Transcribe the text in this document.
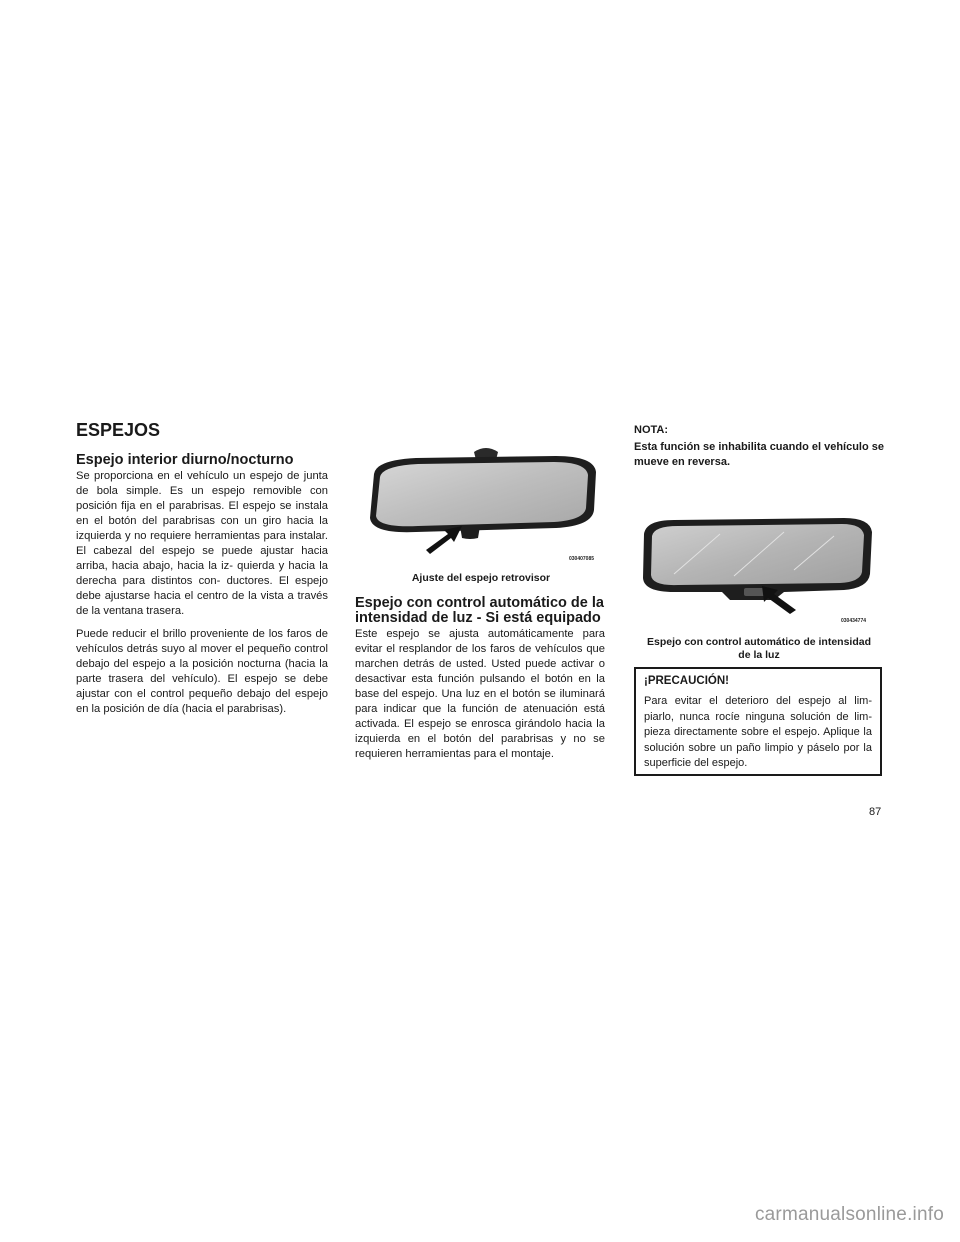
ESPEJOS
Espejo interior diurno/nocturno

Se proporciona en el vehículo un espejo de junta de bola simple. Es un espejo removible con posición fija en el parabrisas. El espejo se instala en el botón del parabrisas con un giro hacia la izquierda y no requiere herramientas para instalar. El cabezal del espejo se puede ajustar hacia arriba, hacia abajo, hacia la iz- quierda y hacia la derecha para distintos con- ductores. El espejo debe ajustarse hacia el centro de la vista a través de la ventana trasera.

Puede reducir el brillo proveniente de los faros de vehículos detrás suyo al mover el pequeño control debajo del espejo a la posición nocturna (hacia la parte trasera del vehículo). El espejo se debe ajustar con el control pequeño debajo del espejo en la posición de día (hacia el parabrisas).

030407085

Ajuste del espejo retrovisor

Espejo con control automático de la
intensidad de luz - Si está equipado

Este espejo se ajusta automáticamente para evitar el resplandor de los faros de vehículos que marchen detrás de usted. Usted puede activar o desactivar esta función pulsando el botón en la base del espejo. Una luz en el botón se iluminará para indicar que la función de atenuación está activada. El espejo se enrosca girándolo hacia la izquierda en el botón del parabrisas y no se requieren herramientas para el montaje.

NOTA:

Esta función se inhabilita cuando el vehículo se mueve en reversa.

030434774

Espejo con control automático de intensidad

de la luz

¡PRECAUCIÓN!

Para evitar el deterioro del espejo al lim- piarlo, nunca rocíe ninguna solución de lim- pieza directamente sobre el espejo. Aplique la solución sobre un paño limpio y páselo por la superficie del espejo.

87
carmanualsonline.info
